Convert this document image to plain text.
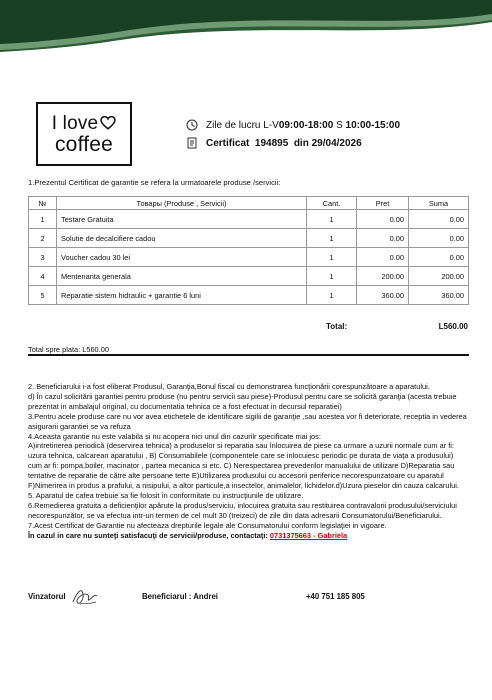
I love
coffee
Zile de lucru L-V 09:00-18:00 S 10:00-15:00
Certificat  194895  din 29/04/2026
1.Prezentul Certificat de garantie se refera la urmatoarele produse /servicii:
№	Товары (Produse , Servicii)	Cant.	Pret	Suma
1	Testare Gratuita	1	0.00	0.00
2	Solutie de decalcifiere cadou	1	0.00	0.00
3	Voucher cadou 30 lei	1	0.00	0.00
4	Mentenanta generala	1	200.00	200.00
5	Reparatie sistem hidraulic + garantie 6 luni	1	360.00	360.00
Total:	L560.00
Total spre plata: L560.00

2. Beneficiarului i-a fost eliberat Produsul, Garanţia,Bonul fiscal cu demonstrarea funcţionării corespunzătoare a aparatului.

d) În cazul solicitării garantiei pentru produse (nu pentru servicii sau piese)-Produsul pentru care se solicită garanţia (acesta trebuie prezentat in ambalajul original, cu documentatia tehnica ce a fost efectuat in decursul reparatiei)

3.Pentru acele produse care nu vor avea etichetele de identificare sigilii de garanţie ,sau acestea vor fi deteriorate, receptia in vederea asigurarii garantiei se va refuza

4.Aceasta garantie nu este valabila și nu acopera nici unul din cazurilr specificate mai jos:

A)intretinerea periodică (deservirea tehnica) a produselor si reparatia sau înlocuirea de piese ca urmare a uzurii normale cum ar fi: uzura tehnica, calcarean aparatului , B) Consumabilele (componentele care se inlocuiesc periodic pe durata de viaţa a produsului) cum ar fi: pompa,boiler, macinator , partea mecanica si etc. C) Nerespectarea prevederilor manualului de utilizare D)Reparatia sau tentative de reparatie de către alte persoane terte E)Utilizarea produsului cu accesorii periferice necorespunzatoare cu aparatul F)Nimerirea in produs a prafului, a nisipului, a altor particule,a insectelor, animalelor, lichidelor.d)Uzura pieselor din cauza calcarului.

5. Aparatul de cafea trebuie sa fie folosit în conformitate cu instrucţiunile de utilizare.

6.Remedierea gratuita a deficienţilor apărute la produs/serviciu, inlocuirea gratuita sau restituirea contravalorii produsului/serviciului necorespunzător, se va efectua intr-un termen de cel mult 30 (treizeci) de zile din data adresarii Consumatorului/Beneficiarului.

7.Acest Certificat de Garantie nu afecteaza drepturile legale ale Consumatorului conform legislaţiei in vigoare.

În cazul in care nu sunteţi satisfacuţi de servicii/produse, contactaţi: 0731375663 - Gabriela

Vinzatorul	Beneficiarul : Andrei	+40 751 185 805
